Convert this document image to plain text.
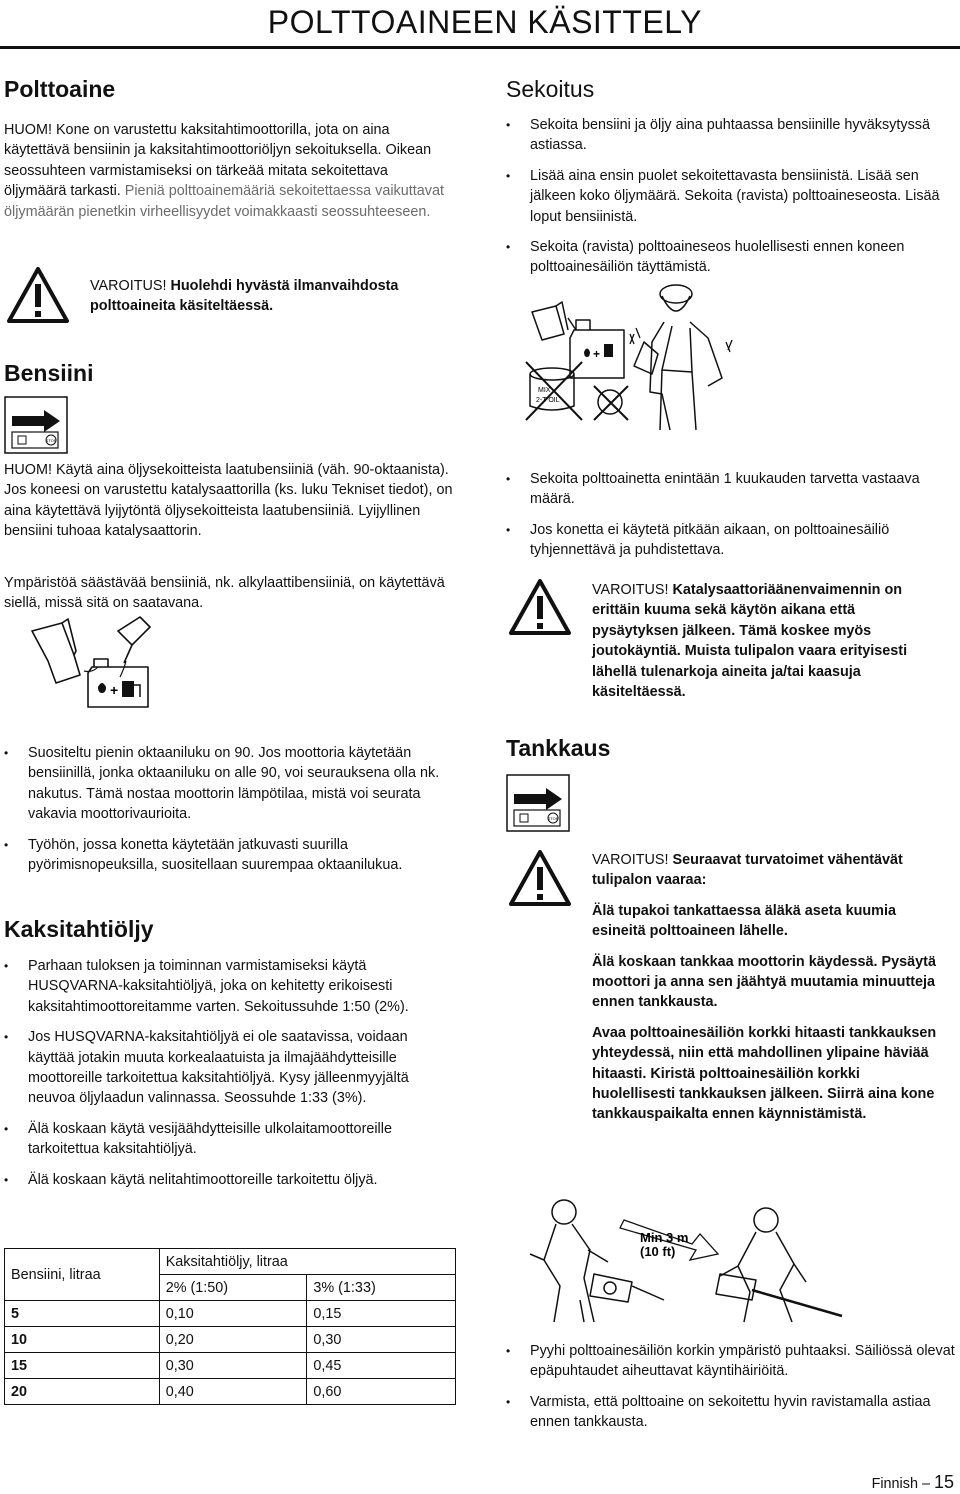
POLTTOAINEEN KÄSITTELY
Polttoaine

HUOM! Kone on varustettu kaksitahtimoottorilla, jota on aina käytettävä bensiinin ja kaksitahtimoottoriöljyn sekoituksella. Oikean seossuhteen varmistamiseksi on tärkeää mitata sekoitettava öljymäärä tarkasti. Pieniä polttoainemääriä sekoitettaessa vaikuttavat öljymäärän pienetkin virheellisyydet voimakkaasti seossuhteeseen.

VAROITUS! Huolehdi hyvästä ilmanvaihdosta polttoaineita käsiteltäessä.
Bensiini
STOP

HUOM! Käytä aina öljysekoitteista laatubensiiniä (väh. 90-oktaanista). Jos koneesi on varustettu katalysaattorilla (ks. luku Tekniset tiedot), on aina käytettävä lyijytöntä öljysekoitteista laatubensiiniä. Lyijyllinen bensiini tuhoaa katalysaattorin.

Ympäristöä säästävää bensiiniä, nk. alkylaattibensiiniä, on käytettävä siellä, missä sitä on saatavana.

+
• Suositeltu pienin oktaaniluku on 90. Jos moottoria käytetään bensiinillä, jonka oktaaniluku on alle 90, voi seurauksena olla nk. nakutus. Tämä nostaa moottorin lämpötilaa, mistä voi seurata vakavia moottorivaurioita.
• Työhön, jossa konetta käytetään jatkuvasti suurilla pyörimisnopeuksilla, suositellaan suurempaa oktaanilukua.
Kaksitahtiöljy
• Parhaan tuloksen ja toiminnan varmistamiseksi käytä HUSQVARNA-kaksitahtiöljyä, joka on kehitetty erikoisesti kaksitahtimoottoreitamme varten. Sekoitussuhde 1:50 (2%).
• Jos HUSQVARNA-kaksitahtiöljyä ei ole saatavissa, voidaan käyttää jotakin muuta korkealaatuista ja ilmajäähdytteisille moottoreille tarkoitettua kaksitahtiöljyä. Kysy jälleenmyyjältä neuvoa öljylaadun valinnassa. Seossuhde 1:33 (3%).
• Älä koskaan käytä vesijäähdytteisille ulkolaitamoottoreille tarkoitettua kaksitahtiöljyä.
• Älä koskaan käytä nelitahtimoottoreille tarkoitettu öljyä.
Bensiini, litraa	Kaksitahtiöljy, litraa	
	2% (1:50)	3% (1:33)
5	0,10	0,15
10	0,20	0,30
15	0,30	0,45
20	0,40	0,60
Sekoitus
• Sekoita bensiini ja öljy aina puhtaassa bensiinille hyväksytyssä astiassa.
• Lisää aina ensin puolet sekoitettavasta bensiinistä. Lisää sen jälkeen koko öljymäärä. Sekoita (ravista) polttoaineseosta. Lisää loput bensiinistä.
• Sekoita (ravista) polttoaineseos huolellisesti ennen koneen polttoainesäiliön täyttämistä.
+
MIX
2-T OIL
• Sekoita polttoainetta enintään 1 kuukauden tarvetta vastaava määrä.
• Jos konetta ei käytetä pitkään aikaan, on polttoainesäiliö tyhjennettävä ja puhdistettava.
VAROITUS! Katalysaattoriäänenvaimennin on erittäin kuuma sekä käytön aikana että pysäytyksen jälkeen. Tämä koskee myös joutokäyntiä. Muista tulipalon vaara erityisesti lähellä tulenarkoja aineita ja/tai kaasuja käsiteltäessä.
Tankkaus
STOP
VAROITUS! Seuraavat turvatoimet vähentävät tulipalon vaaraa:

Älä tupakoi tankattaessa äläkä aseta kuumia esineitä polttoaineen lähelle.

Älä koskaan tankkaa moottorin käydessä. Pysäytä moottori ja anna sen jäähtyä muutamia minuutteja ennen tankkausta.

Avaa polttoainesäiliön korkki hitaasti tankkauksen yhteydessä, niin että mahdollinen ylipaine häviää hitaasti. Kiristä polttoainesäiliön korkki huolellisesti tankkauksen jälkeen. Siirrä aina kone tankkauspaikalta ennen käynnistämistä.

Min 3 m
(10 ft)
• Pyyhi polttoainesäiliön korkin ympäristö puhtaaksi. Säiliössä olevat epäpuhtaudet aiheuttavat käyntihäiriöitä.
• Varmista, että polttoaine on sekoitettu hyvin ravistamalla astiaa ennen tankkausta.
Finnish – 15
